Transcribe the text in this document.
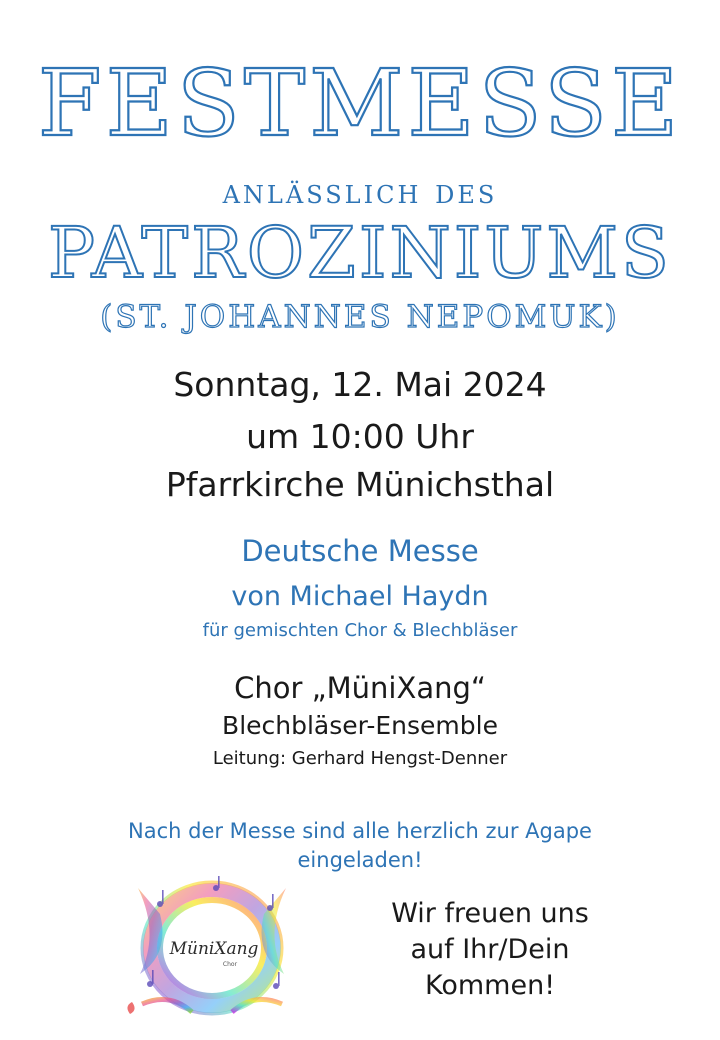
FESTMESSE
anlässlich des
PATROZINIUMS
(ST. JOHANNES NEPOMUK)
Sonntag, 12. Mai 2024
um 10:00 Uhr
Pfarrkirche Münichsthal
Deutsche Messe
von Michael Haydn
für gemischten Chor & Blechbläser
Chor „MüniXang“
Blechbläser-Ensemble
Leitung: Gerhard Hengst-Denner
Nach der Messe sind alle herzlich zur Agape
eingeladen!
MüniXang
Chor
Wir freuen uns
auf Ihr/Dein
Kommen!
